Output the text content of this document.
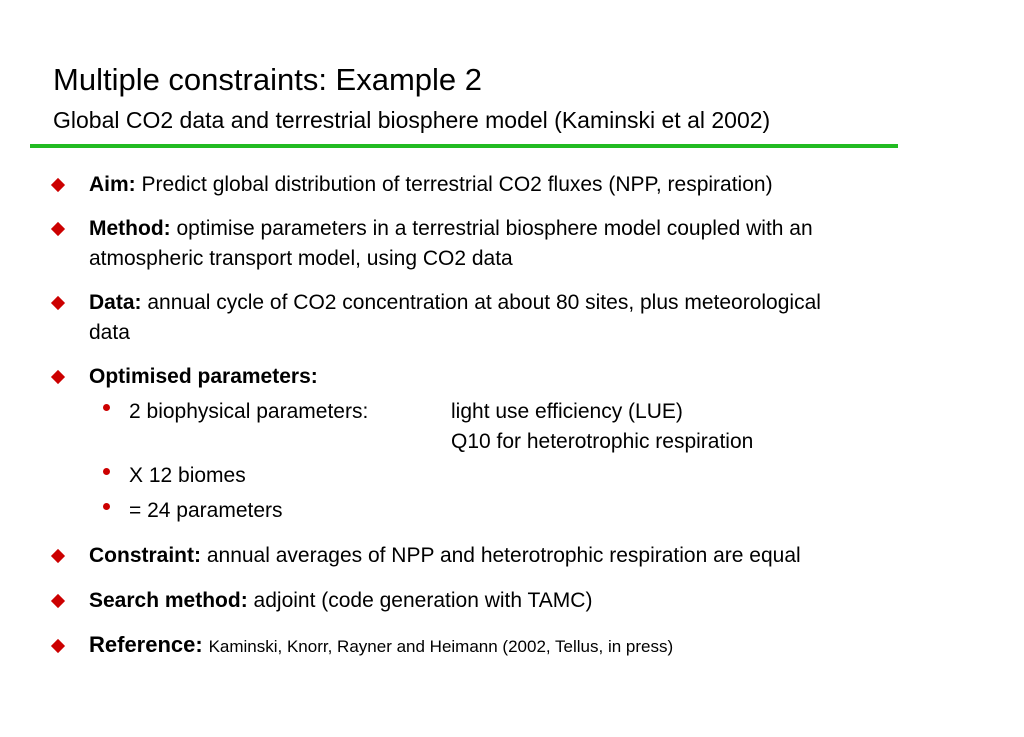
Multiple constraints: Example 2
Global CO2 data and terrestrial biosphere model (Kaminski et al 2002)
Aim: Predict global distribution of terrestrial CO2 fluxes (NPP, respiration)
Method: optimise parameters in a terrestrial biosphere model coupled with an
atmospheric transport model, using CO2 data
Data: annual cycle of CO2 concentration at about 80 sites, plus meteorological
data
Optimised parameters:
2 biophysical parameters:	light use efficiency (LUE)
Q10 for heterotrophic respiration
X 12 biomes
= 24 parameters
Constraint: annual averages of NPP and heterotrophic respiration are equal
Search method: adjoint (code generation with TAMC)
Reference: Kaminski, Knorr, Rayner and Heimann (2002, Tellus, in press)
